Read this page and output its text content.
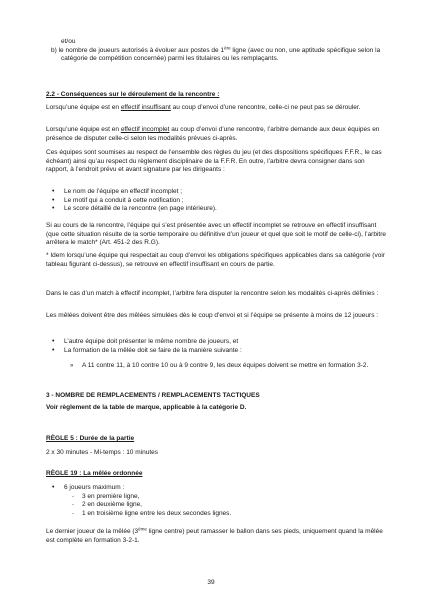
et/ou

b) le nombre de joueurs autorisés à évoluer aux postes de 1ère ligne (avec ou non, une aptitude spécifique selon la catégorie de compétition concernée) parmi les titulaires ou les remplaçants.

2.2 - Conséquences sur le déroulement de la rencontre :
Lorsqu’une équipe est en effectif insuffisant au coup d’envoi d’une rencontre, celle-ci ne peut pas se dérouler.
Lorsqu’une équipe est en effectif incomplet au coup d’envoi d’une rencontre, l’arbitre demande aux deux équipes en présence de disputer celle-ci selon les modalités prévues ci-après.
Ces équipes sont soumises au respect de l’ensemble des règles du jeu (et des dispositions spécifiques F.F.R., le cas échéant) ainsi qu’au respect du règlement disciplinaire de la F.F.R. En outre, l’arbitre devra consigner dans son rapport, à l’endroit prévu et avant signature par les dirigeants :
• Le nom de l’équipe en effectif incomplet ;
• Le motif qui a conduit à cette notification ;
• Le score détaillé de la rencontre (en page intérieure).
Si au cours de la rencontre, l’équipe qui s’est présentée avec un effectif incomplet se retrouve en effectif insuffisant (que cette situation résulte de la sortie temporaire ou définitive d’un joueur et quel que soit le motif de celle-ci), l’arbitre arrêtera le match* (Art. 451-2 des R.G).
* Idem lorsqu’une équipe qui respectait au coup d’envoi les obligations spécifiques applicables dans sa catégorie (voir tableau figurant ci-dessus), se retrouve en effectif insuffisant en cours de partie.
Dans le cas d’un match à effectif incomplet, l’arbitre fera disputer la rencontre selon les modalités ci-après définies :
Les mêlées doivent être des mêlées simulées dès le coup d’envoi et si l’équipe se présente à moins de 12 joueurs :
• L’autre équipe doit présenter le même nombre de joueurs, et
• La formation de la mêlée doit se faire de la manière suivante :
» A 11 contre 11, à 10 contre 10 ou à 9 contre 9, les deux équipes doivent se mettre en formation 3-2.
3 - NOMBRE DE REMPLACEMENTS / REMPLACEMENTS TACTIQUES
Voir règlement de la table de marque, applicable à la catégorie D.
RÈGLE 5 : Durée de la partie
2 x 30 minutes - Mi-temps : 10 minutes
RÈGLE 19 : La mêlée ordonnée
• 6 joueurs maximum :
- 3 en première ligne,
- 2 en deuxième ligne,
- 1 en troisième ligne entre les deux secondes lignes.
Le dernier joueur de la mêlée (3ème ligne centre) peut ramasser le ballon dans ses pieds, uniquement quand la mêlée est complète en formation 3-2-1.
39
